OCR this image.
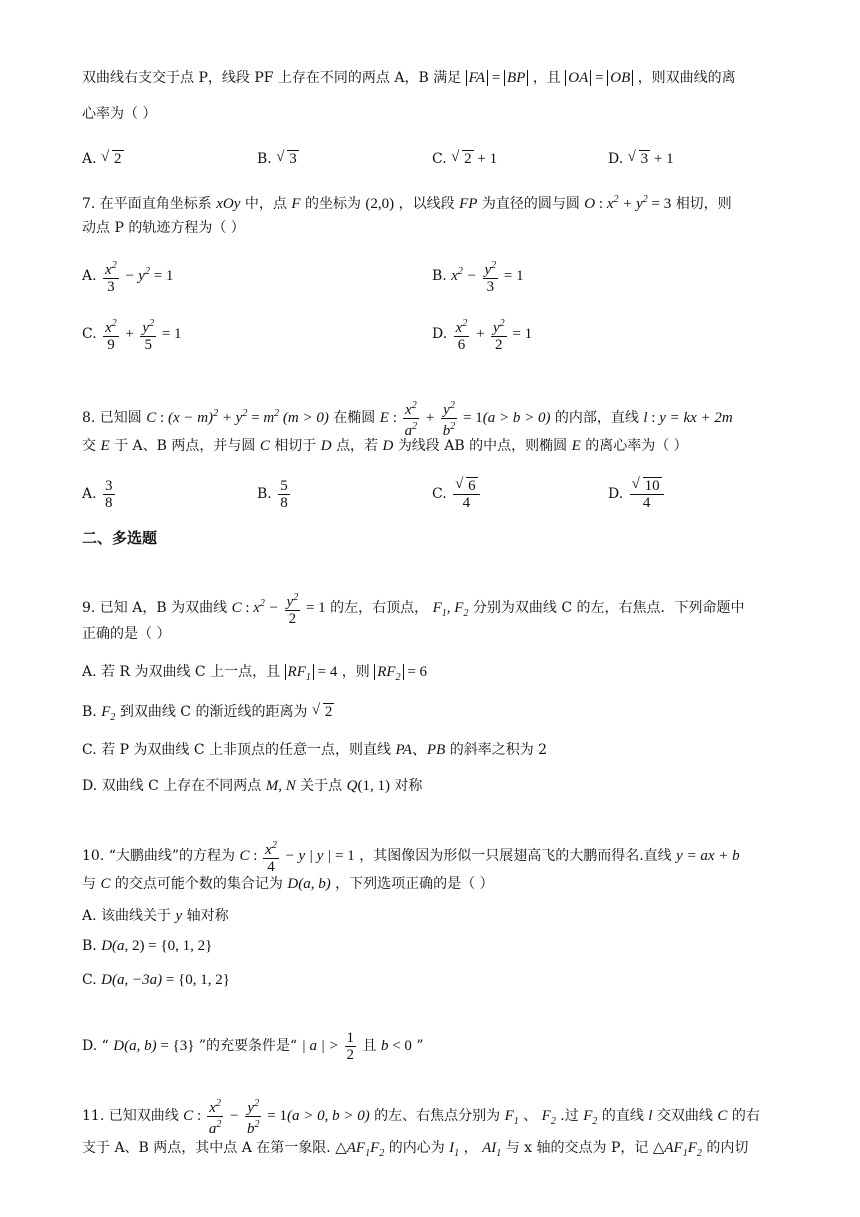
双曲线右支交于点 P，线段 PF 上存在不同的两点 A，B 满足 FA = BP ，且 OA = OB ，则双曲线的离
心率为（ ）
A. √ 2	B. √ 3	C. √ 2 + 1	D. √ 3 + 1
7. 在平面直角坐标系 xOy 中，点 F 的坐标为 (2,0) ，以线段 FP 为直径的圆与圆 O : $x^2 + y^2 = 3$ 相切，则
动点 P 的轨迹方程为（ ）
A. $\frac{x^2}{3} - y^2 = 1$	B. $x^2 - \frac{y^2}{3} = 1$
C. $\frac{x^2}{9} + \frac{y^2}{5} = 1$	D. $\frac{x^2}{6} + \frac{y^2}{2} = 1$
8. 已知圆 C : $(x - m)^2 + y^2 = m^2$ (m > 0) 在椭圆 E : $\frac{x^2}{a^2} + \frac{y^2}{b^2} = 1(a > b > 0)$ 的内部，直线 l : y = kx + 2m
交 E 于 A、B 两点，并与圆 C 相切于 D 点，若 D 为线段 AB 的中点，则椭圆 E 的离心率为（ ）
A. $\frac{3}{8}$	B. $\frac{5}{8}$	C. √ $\frac{6}{4}$	D. √ $\frac{10}{4}$
二、多选题
9. 已知 A，B 为双曲线 C : $x^2 - \frac{y^2}{2} = 1$ 的左，右顶点， $F_1$, $F_2$ 分别为双曲线 C 的左，右焦点．下列命题中
正确的是（ ）
A. 若 R 为双曲线 C 上一点，且 $RF_1 = 4$ ，则 $RF_2 = 6$
B. $F_2$ 到双曲线 C 的渐近线的距离为 √ 2
C. 若 P 为双曲线 C 上非顶点的任意一点，则直线 PA、PB 的斜率之积为 2
D. 双曲线 C 上存在不同两点 M, N 关于点 Q(1, 1) 对称
10. “大鹏曲线”的方程为 C : $\frac{x^2}{4} - y$ | y | = 1 ，其图像因为形似一只展翅高飞的大鹏而得名.直线 y = ax + b
与 C 的交点可能个数的集合记为 D(a, b) ，下列选项正确的是（ ）
A. 该曲线关于 y 轴对称
B. D(a, 2) = {0, 1, 2}
C. D(a, −3a) = {0, 1, 2}
D. “ D(a, b) = {3} ”的充要条件是“ | a | > $\frac{1}{2}$ 且 b < 0 ”
11. 已知双曲线 C : $\frac{x^2}{a^2} - \frac{y^2}{b^2} = 1(a > 0$, b > 0) 的左、右焦点分别为 $F_1$ 、 $F_2$ .过 $F_2$ 的直线 l 交双曲线 C 的右
支于 A、B 两点，其中点 A 在第一象限. $\triangle AF_1F_2$ 的内心为 $I_1$ ， $AI_1$ 与 x 轴的交点为 P，记 $\triangle AF_1F_2$ 的内切
